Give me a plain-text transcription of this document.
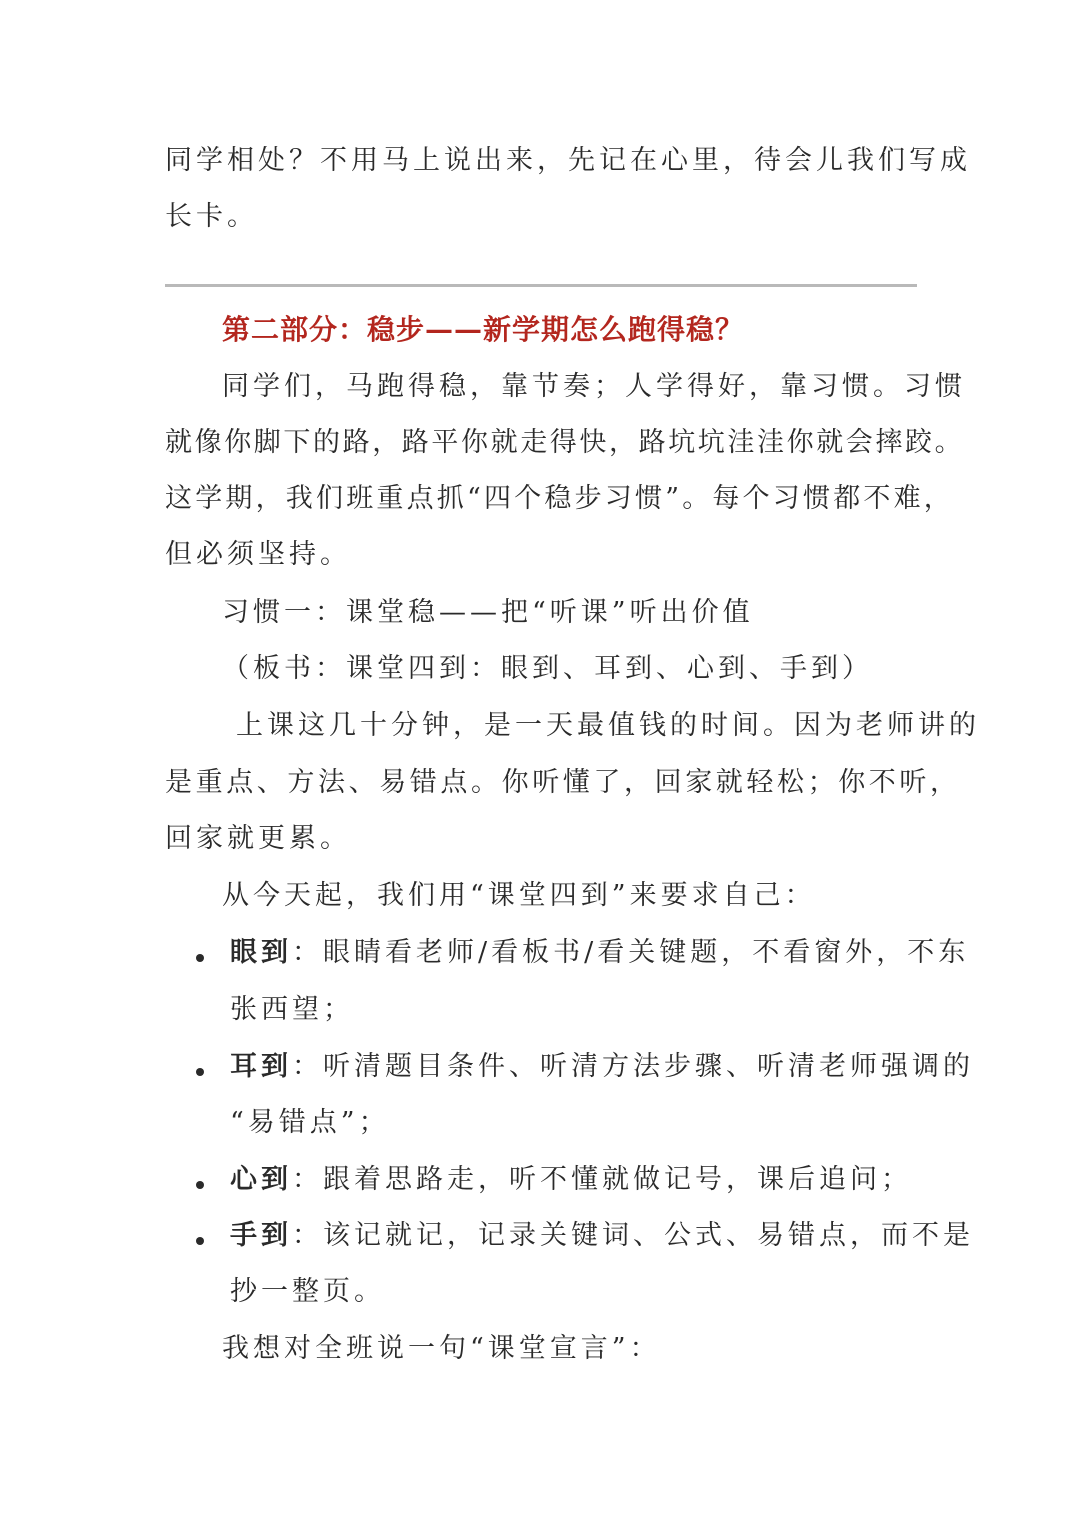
同学相处？不用马上说出来，先记在心里，待会儿我们写成
长卡。
第二部分：稳步——新学期怎么跑得稳？
同学们，马跑得稳，靠节奏；人学得好，靠习惯。习惯
就像你脚下的路，路平你就走得快，路坑坑洼洼你就会摔跤。
这学期，我们班重点抓“四个稳步习惯”。每个习惯都不难，
但必须坚持。
习惯一：课堂稳——把“听课”听出价值
（板书：课堂四到：眼到、耳到、心到、手到）
上课这几十分钟，是一天最值钱的时间。因为老师讲的
是重点、方法、易错点。你听懂了，回家就轻松；你不听，
回家就更累。
从今天起，我们用“课堂四到”来要求自己：
眼到：眼睛看老师/看板书/看关键题，不看窗外，不东
张西望；
耳到：听清题目条件、听清方法步骤、听清老师强调的
“易错点”；
心到：跟着思路走，听不懂就做记号，课后追问；
手到：该记就记，记录关键词、公式、易错点，而不是
抄一整页。
我想对全班说一句“课堂宣言”：
